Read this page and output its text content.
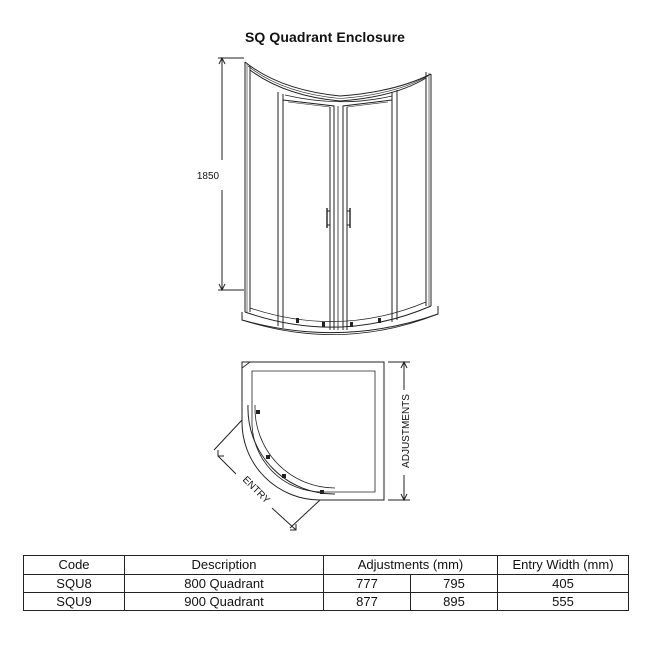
SQ Quadrant Enclosure
1850
ADJUSTMENTS
ENTRY
Code	Description	Adjustments (mm)		Entry Width (mm)
SQU8	800 Quadrant	777	795	405
SQU9	900 Quadrant	877	895	555
